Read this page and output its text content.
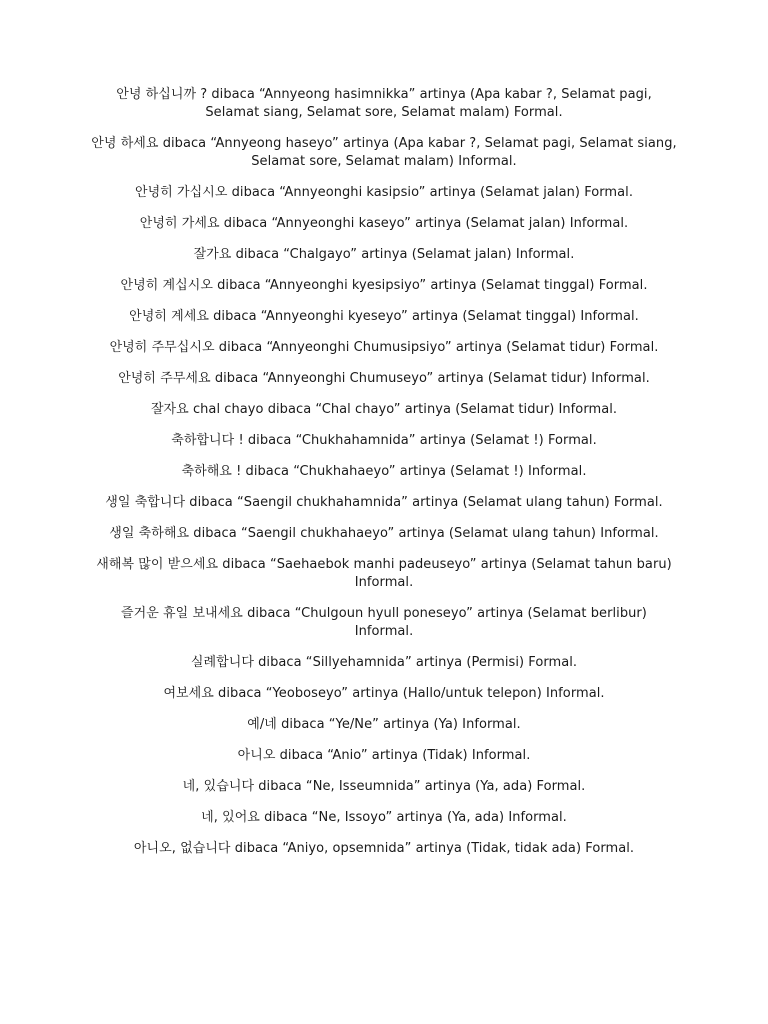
안녕 하십니까 ? dibaca “Annyeong hasimnikka” artinya (Apa kabar ?, Selamat pagi, Selamat siang, Selamat sore, Selamat malam) Formal.

안녕 하세요 dibaca “Annyeong haseyo” artinya (Apa kabar ?, Selamat pagi, Selamat siang, Selamat sore, Selamat malam) Informal.

안녕히 가십시오 dibaca “Annyeonghi kasipsio” artinya (Selamat jalan) Formal.

안녕히 가세요 dibaca “Annyeonghi kaseyo” artinya (Selamat jalan) Informal.

잘가요 dibaca “Chalgayo” artinya (Selamat jalan) Informal.

안녕히 계십시오 dibaca “Annyeonghi kyesipsiyo” artinya (Selamat tinggal) Formal.

안녕히 계세요 dibaca “Annyeonghi kyeseyo” artinya (Selamat tinggal) Informal.

안녕히 주무십시오 dibaca “Annyeonghi Chumusipsiyo” artinya (Selamat tidur) Formal.

안녕히 주무세요 dibaca “Annyeonghi Chumuseyo” artinya (Selamat tidur) Informal.

잘자요 chal chayo dibaca “Chal chayo” artinya (Selamat tidur) Informal.

축하합니다 ! dibaca “Chukhahamnida” artinya (Selamat !) Formal.

축하해요 ! dibaca “Chukhahaeyo” artinya (Selamat !) Informal.

생일 축합니다 dibaca “Saengil chukhahamnida” artinya (Selamat ulang tahun) Formal.

생일 축하해요 dibaca “Saengil chukhahaeyo” artinya (Selamat ulang tahun) Informal.

새해복 많이 받으세요 dibaca “Saehaebok manhi padeuseyo” artinya (Selamat tahun baru) Informal.

즐거운 휴일 보내세요 dibaca “Chulgoun hyull poneseyo” artinya (Selamat berlibur) Informal.

실례합니다 dibaca “Sillyehamnida” artinya (Permisi) Formal.

여보세요 dibaca “Yeoboseyo” artinya (Hallo/untuk telepon) Informal.

예/네 dibaca “Ye/Ne” artinya (Ya) Informal.

아니오 dibaca “Anio” artinya (Tidak) Informal.

네, 있습니다 dibaca “Ne, Isseumnida” artinya (Ya, ada) Formal.

네, 있어요 dibaca “Ne, Issoyo” artinya (Ya, ada) Informal.

아니오, 없습니다 dibaca “Aniyo, opsemnida” artinya (Tidak, tidak ada) Formal.
